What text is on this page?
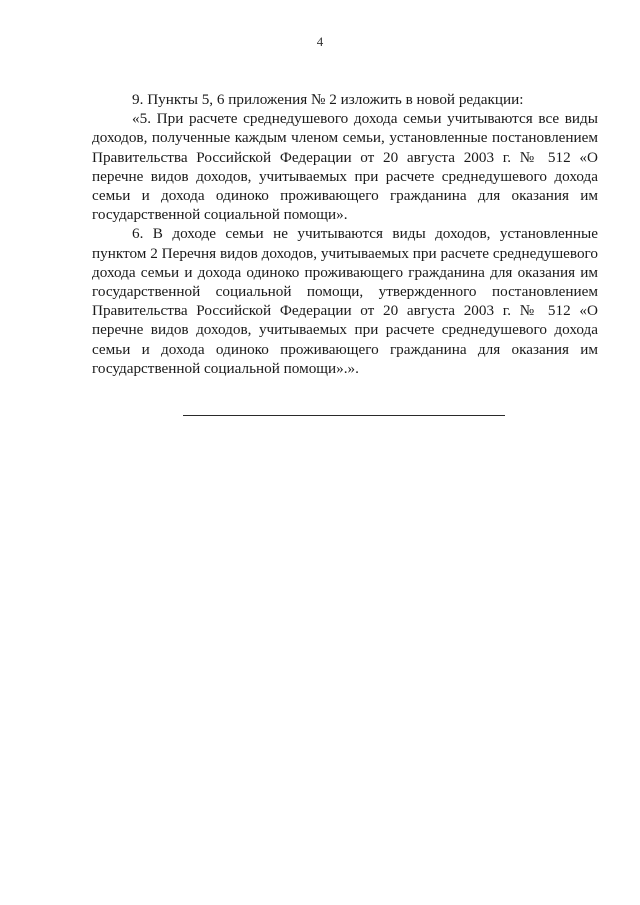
4

9. Пункты 5, 6 приложения № 2 изложить в новой редакции:

«5. При расчете среднедушевого дохода семьи учитываются все виды доходов, полученные каждым членом семьи, установленные постановлением Правительства Российской Федерации от 20 августа 2003 г. № 512 «О перечне видов доходов, учитываемых при расчете среднедушевого дохода семьи и дохода одиноко проживающего гражданина для оказания им государственной социальной помощи».

6. В доходе семьи не учитываются виды доходов, установленные пунктом 2 Перечня видов доходов, учитываемых при расчете среднедушевого дохода семьи и дохода одиноко проживающего гражданина для оказания им государственной социальной помощи, утвержденного постановлением Правительства Российской Федерации от 20 августа 2003 г. № 512 «О перечне видов доходов, учитываемых при расчете среднедушевого дохода семьи и дохода одиноко проживающего гражданина для оказания им государственной социальной помощи».».
